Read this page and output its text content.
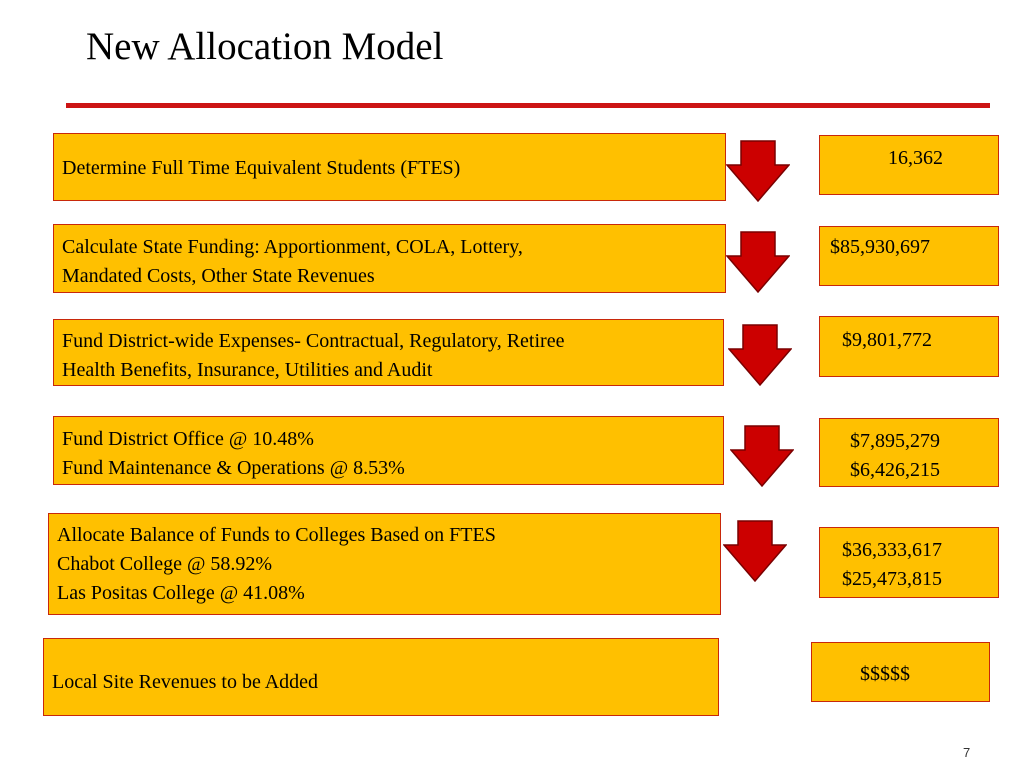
New Allocation Model
Determine Full Time Equivalent Students (FTES)	16,362
Calculate State Funding: Apportionment, COLA, Lottery,
Mandated Costs, Other State Revenues
$85,930,697
Fund District-wide Expenses- Contractual, Regulatory, Retiree
Health Benefits, Insurance, Utilities and Audit
$9,801,772
Fund District Office @ 10.48%
Fund Maintenance & Operations @ 8.53%
$7,895,279
$6,426,215
Allocate Balance of Funds to Colleges Based on FTES
Chabot College @ 58.92%
Las Positas College @ 41.08%
$36,333,617
$25,473,815
Local Site Revenues to be Added	$$$$$
7
